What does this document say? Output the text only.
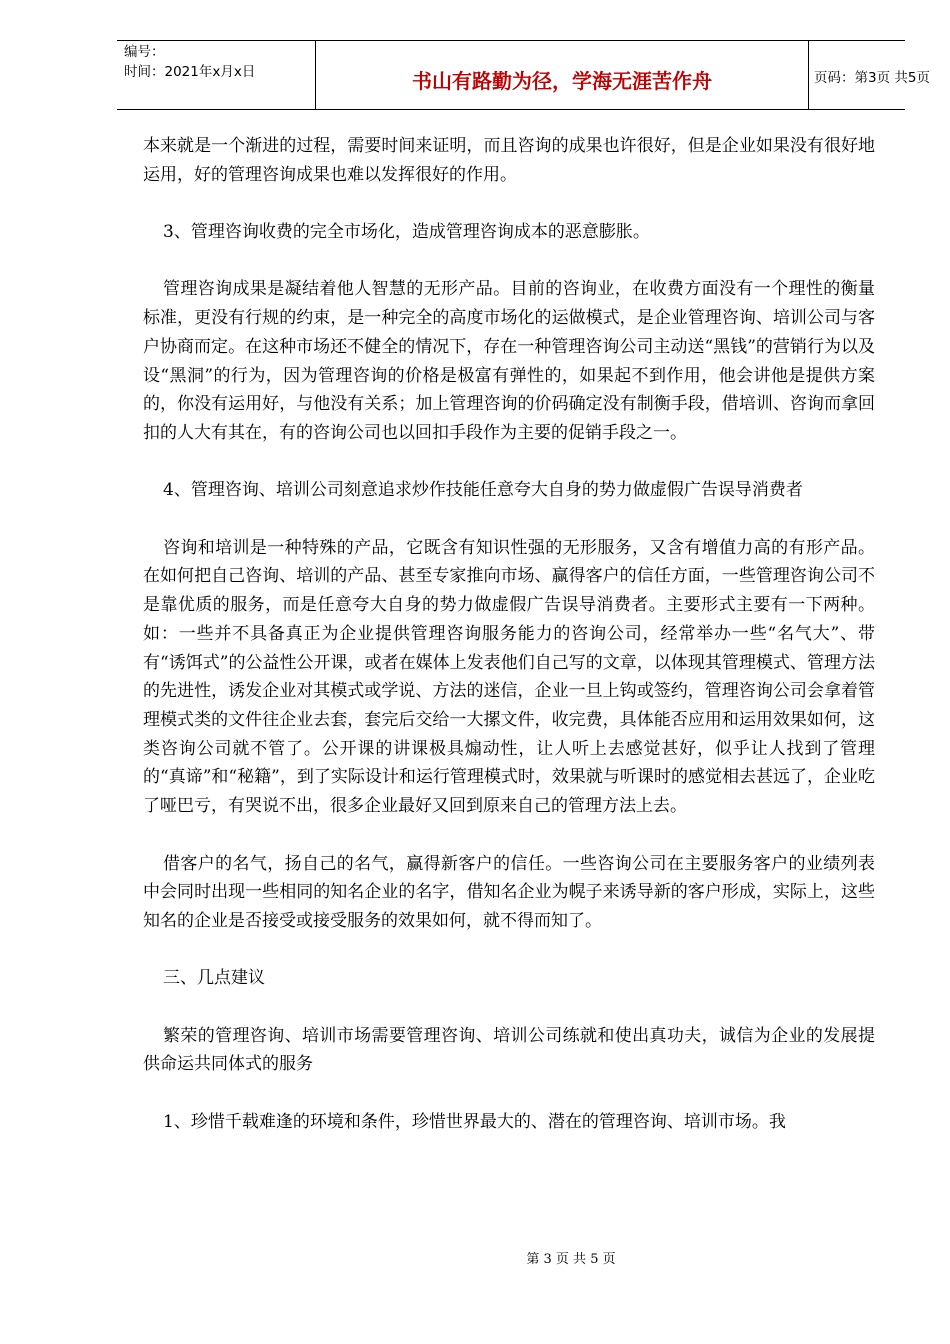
编号：
时间：2021年x月x日	书山有路勤为径，学海无涯苦作舟	页码：第3页 共5页

本来就是一个渐进的过程，需要时间来证明，而且咨询的成果也许很好，但是企业如果没有很好地运用，好的管理咨询成果也难以发挥很好的作用。

3、管理咨询收费的完全市场化，造成管理咨询成本的恶意膨胀。

管理咨询成果是凝结着他人智慧的无形产品。目前的咨询业，在收费方面没有一个理性的衡量标准，更没有行规的约束，是一种完全的高度市场化的运做模式，是企业管理咨询、培训公司与客户协商而定。在这种市场还不健全的情况下，存在一种管理咨询公司主动送“黑钱”的营销行为以及设“黑洞”的行为，因为管理咨询的价格是极富有弹性的，如果起不到作用，他会讲他是提供方案的，你没有运用好，与他没有关系；加上管理咨询的价码确定没有制衡手段，借培训、咨询而拿回扣的人大有其在，有的咨询公司也以回扣手段作为主要的促销手段之一。

4、管理咨询、培训公司刻意追求炒作技能任意夸大自身的势力做虚假广告误导消费者

咨询和培训是一种特殊的产品，它既含有知识性强的无形服务，又含有增值力高的有形产品。在如何把自己咨询、培训的产品、甚至专家推向市场、赢得客户的信任方面，一些管理咨询公司不是靠优质的服务，而是任意夸大自身的势力做虚假广告误导消费者。主要形式主要有一下两种。如：一些并不具备真正为企业提供管理咨询服务能力的咨询公司，经常举办一些“名气大”、带有“诱饵式”的公益性公开课，或者在媒体上发表他们自己写的文章，以体现其管理模式、管理方法的先进性，诱发企业对其模式或学说、方法的迷信，企业一旦上钩或签约，管理咨询公司会拿着管理模式类的文件往企业去套，套完后交给一大摞文件，收完费，具体能否应用和运用效果如何，这类咨询公司就不管了。公开课的讲课极具煽动性，让人听上去感觉甚好，似乎让人找到了管理的“真谛”和“秘籍”，到了实际设计和运行管理模式时，效果就与听课时的感觉相去甚远了，企业吃了哑巴亏，有哭说不出，很多企业最好又回到原来自己的管理方法上去。

借客户的名气，扬自己的名气，赢得新客户的信任。一些咨询公司在主要服务客户的业绩列表中会同时出现一些相同的知名企业的名字，借知名企业为幌子来诱导新的客户形成，实际上，这些知名的企业是否接受或接受服务的效果如何，就不得而知了。

三、几点建议

繁荣的管理咨询、培训市场需要管理咨询、培训公司练就和使出真功夫，诚信为企业的发展提供命运共同体式的服务

1、珍惜千载难逢的环境和条件，珍惜世界最大的、潜在的管理咨询、培训市场。我

第 3 页 共 5 页
